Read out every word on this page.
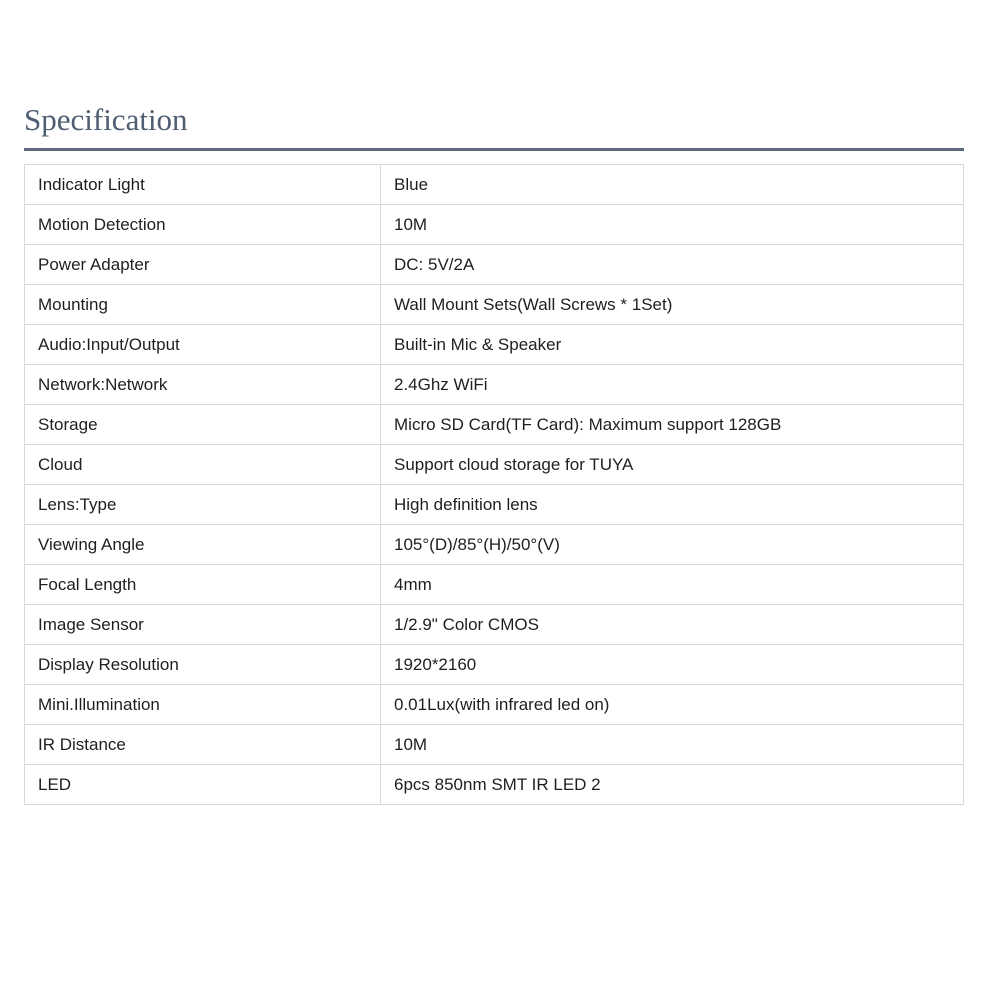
Specification
Indicator Light	Blue
Motion Detection	10M
Power Adapter	DC: 5V/2A
Mounting	Wall Mount Sets(Wall Screws * 1Set)
Audio:Input/Output	Built-in Mic & Speaker
Network:Network	2.4Ghz WiFi
Storage	Micro SD Card(TF Card): Maximum support 128GB
Cloud	Support cloud storage for TUYA
Lens:Type	High definition lens
Viewing Angle	105°(D)/85°(H)/50°(V)
Focal Length	4mm
Image Sensor	1/2.9" Color CMOS
Display Resolution	1920*2160
Mini.Illumination	0.01Lux(with infrared led on)
IR Distance	10M
LED	6pcs 850nm SMT IR LED 2
